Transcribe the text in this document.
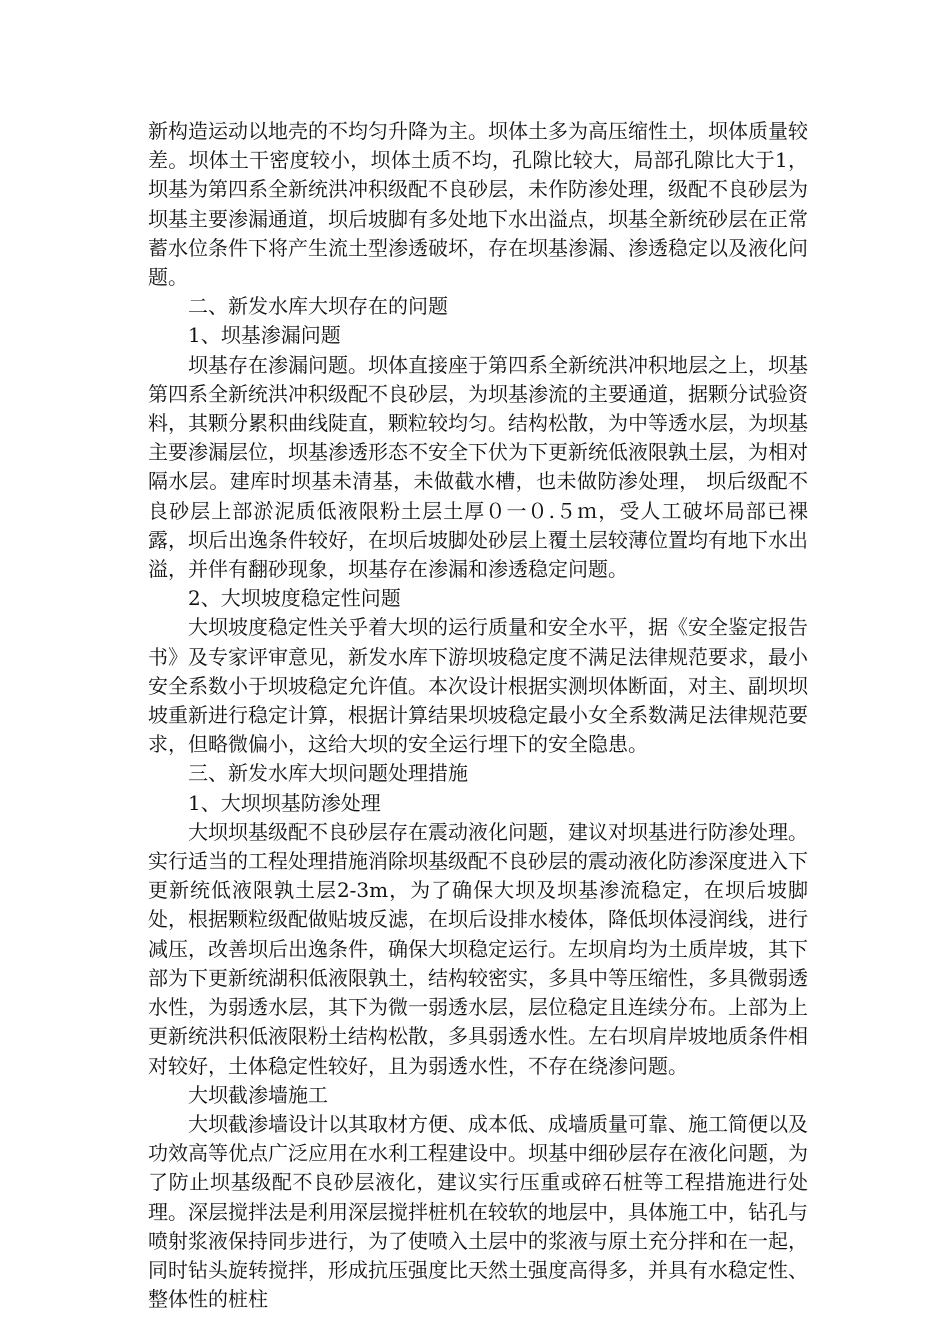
新构造运动以地壳的不均匀升降为主。坝体土多为高压缩性土，坝体质量较差。坝体土干密度较小，坝体土质不均，孔隙比较大，局部孔隙比大于1，坝基为第四系全新统洪冲积级配不良砂层，未作防渗处理，级配不良砂层为坝基主要渗漏通道，坝后坡脚有多处地下水出溢点，坝基全新统砂层在正常蓄水位条件下将产生流土型渗透破坏，存在坝基渗漏、渗透稳定以及液化问题。

二、新发水库大坝存在的问题

1、坝基渗漏问题

坝基存在渗漏问题。坝体直接座于第四系全新统洪冲积地层之上，坝基第四系全新统洪冲积级配不良砂层，为坝基渗流的主要通道，据颗分试验资料，其颗分累积曲线陡直，颗粒较均匀。结构松散，为中等透水层，为坝基主要渗漏层位，坝基渗透形态不安全下伏为下更新统低液限孰土层，为相对隔水层。建库时坝基未清基，未做截水槽，也未做防渗处理， 坝后级配不良砂层上部淤泥质低液限粉土层土厚０一０.５ｍ，受人工破坏局部已裸露，坝后出逸条件较好，在坝后坡脚处砂层上覆土层较薄位置均有地下水出溢，并伴有翻砂现象，坝基存在渗漏和渗透稳定问题。

2、大坝坡度稳定性问题

大坝坡度稳定性关乎着大坝的运行质量和安全水平，据《安全鉴定报告书》及专家评审意见，新发水库下游坝坡稳定度不满足法律规范要求，最小安全系数小于坝坡稳定允许值。本次设计根据实测坝体断面，对主、副坝坝坡重新进行稳定计算，根据计算结果坝坡稳定最小女全系数满足法律规范要求，但略微偏小，这给大坝的安全运行埋下的安全隐患。

三、新发水库大坝问题处理措施

1、大坝坝基防渗处理

大坝坝基级配不良砂层存在震动液化问题，建议对坝基进行防渗处理。实行适当的工程处理措施消除坝基级配不良砂层的震动液化防渗深度进入下更新统低液限孰土层2-3m，为了确保大坝及坝基渗流稳定，在坝后坡脚处，根据颗粒级配做贴坡反滤，在坝后设排水棱体，降低坝体浸润线，进行减压，改善坝后出逸条件，确保大坝稳定运行。左坝肩均为土质岸坡，其下部为下更新统湖积低液限孰土，结构较密实，多具中等压缩性，多具微弱透水性，为弱透水层，其下为微一弱透水层，层位稳定且连续分布。上部为上更新统洪积低液限粉土结构松散，多具弱透水性。左右坝肩岸坡地质条件相对较好，土体稳定性较好，且为弱透水性，不存在绕渗问题。

大坝截渗墙施工

大坝截渗墙设计以其取材方便、成本低、成墙质量可靠、施工简便以及功效高等优点广泛应用在水利工程建设中。坝基中细砂层存在液化问题，为了防止坝基级配不良砂层液化，建议实行压重或碎石桩等工程措施进行处理。深层搅拌法是利用深层搅拌桩机在较软的地层中，具体施工中，钻孔与喷射浆液保持同步进行，为了使喷入土层中的浆液与原土充分拌和在一起，同时钻头旋转搅拌，形成抗压强度比天然土强度高得多，并具有水稳定性、整体性的桩柱
